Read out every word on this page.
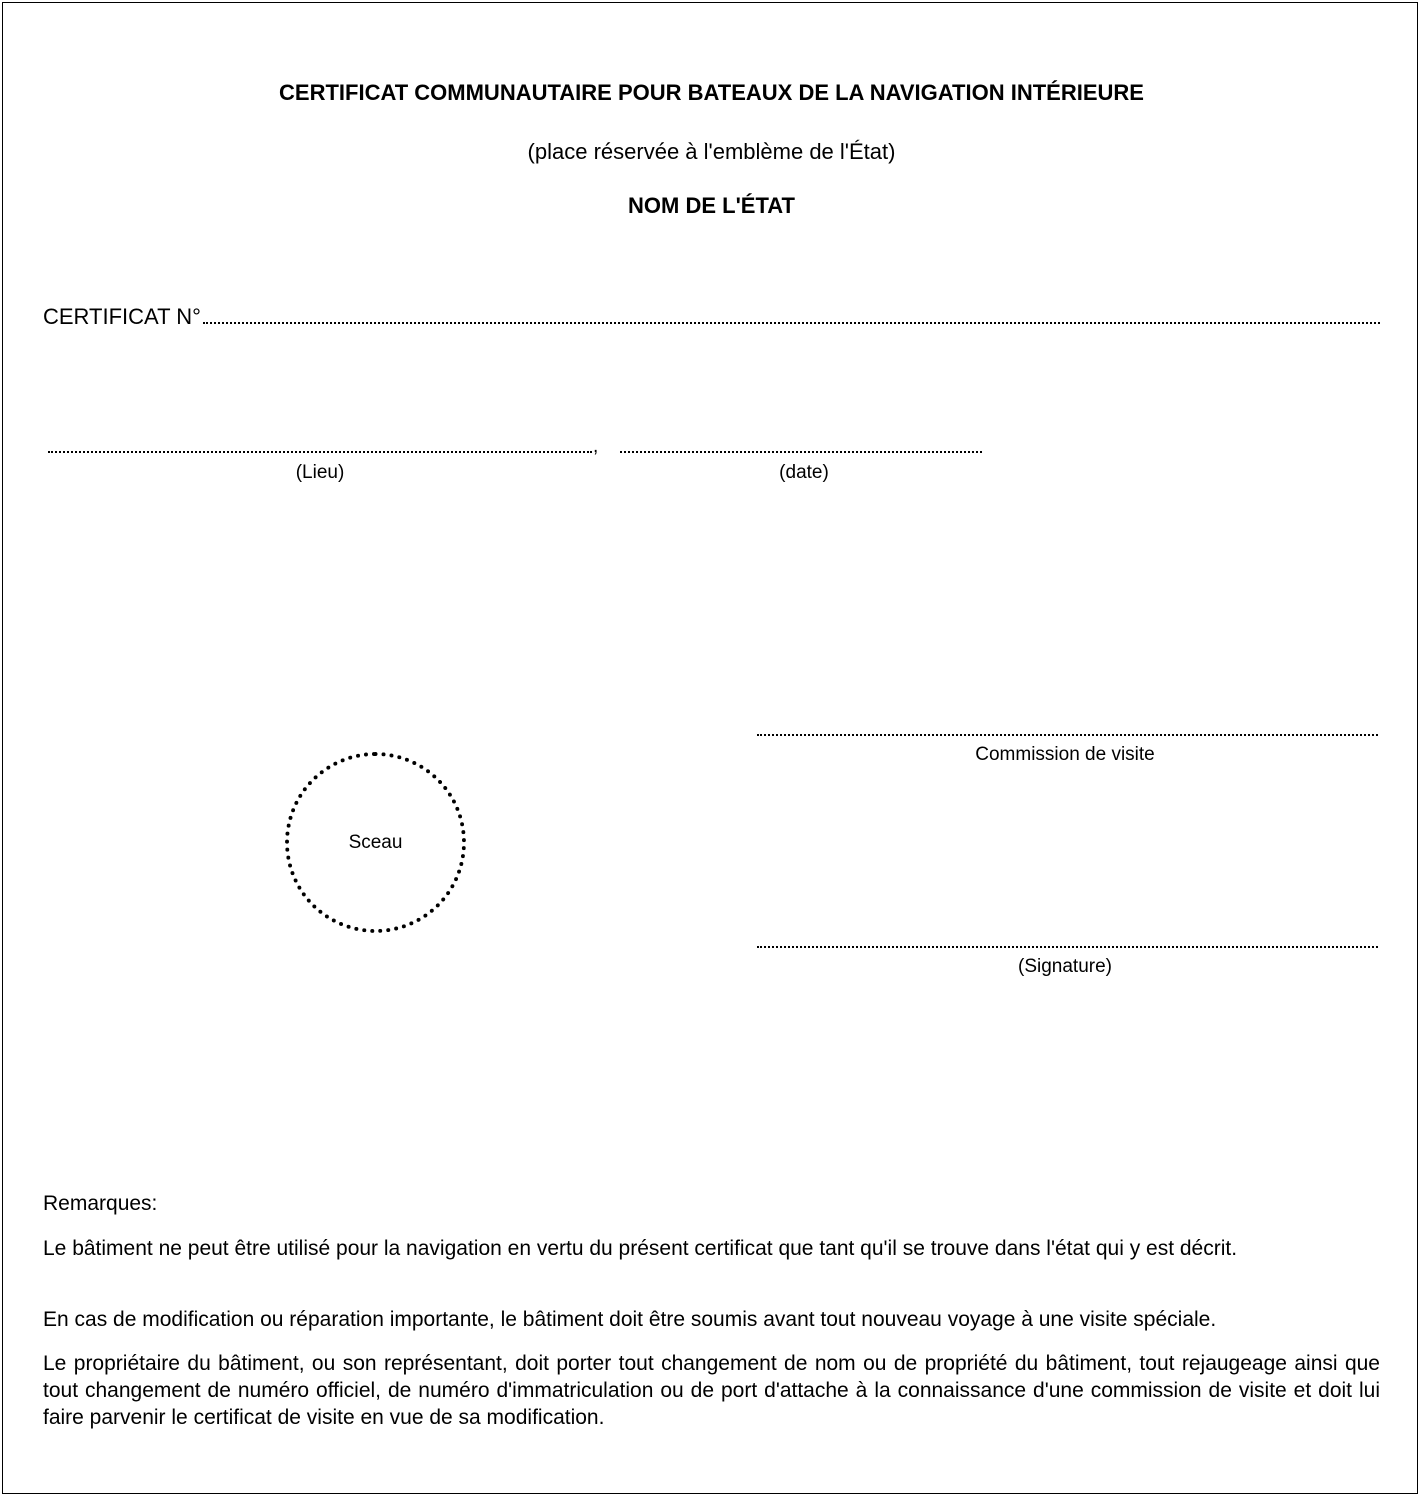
CERTIFICAT COMMUNAUTAIRE POUR BATEAUX DE LA NAVIGATION INTÉRIEURE
(place réservée à l'emblème de l'État)
NOM DE L'ÉTAT
CERTIFICAT N°
,
(Lieu)	(date)
Commission de visite
Sceau
(Signature)

Remarques:

Le bâtiment ne peut être utilisé pour la navigation en vertu du présent certificat que tant qu'il se trouve dans l'état qui y est décrit.

En cas de modification ou réparation importante, le bâtiment doit être soumis avant tout nouveau voyage à une visite spéciale.

Le propriétaire du bâtiment, ou son représentant, doit porter tout changement de nom ou de propriété du bâtiment, tout rejaugeage ainsi que tout changement de numéro officiel, de numéro d'immatriculation ou de port d'attache à la connaissance d'une commission de visite et doit lui faire parvenir le certificat de visite en vue de sa modification.
